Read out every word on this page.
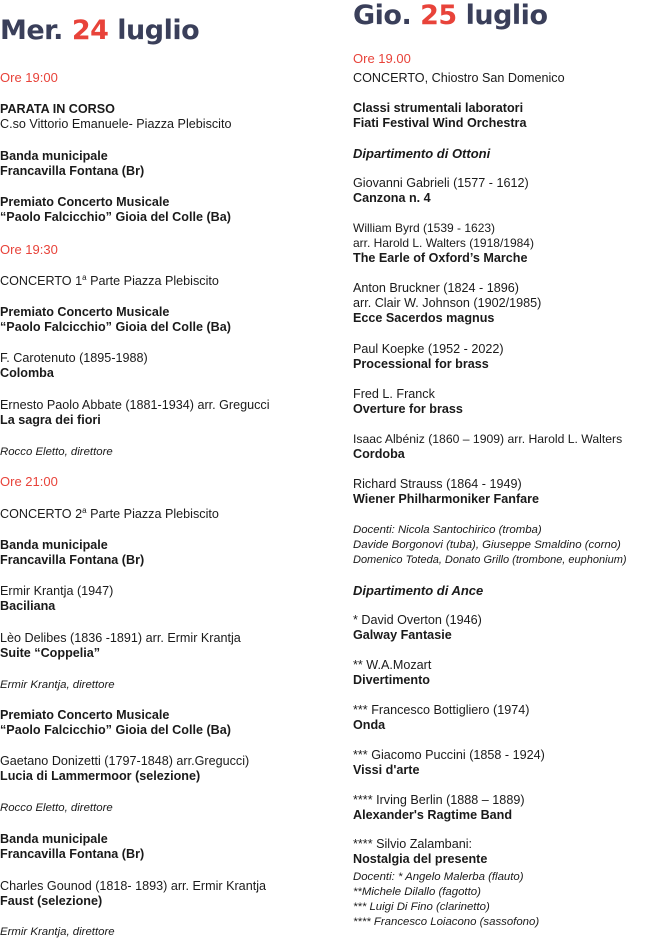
Mer. 24 luglio
Ore 19:00
PARATA IN CORSO
C.so Vittorio Emanuele- Piazza Plebiscito
Banda municipale
Francavilla Fontana (Br)
Premiato Concerto Musicale
“Paolo Falcicchio” Gioia del Colle (Ba)
Ore 19:30
CONCERTO 1$^a$ Parte Piazza Plebiscito
Premiato Concerto Musicale
“Paolo Falcicchio” Gioia del Colle (Ba)
F. Carotenuto (1895-1988)
Colomba
Ernesto Paolo Abbate (1881-1934) arr. Gregucci
La sagra dei fiori
Rocco Eletto, direttore
Ore 21:00
CONCERTO 2$^a$ Parte Piazza Plebiscito
Banda municipale
Francavilla Fontana (Br)
Ermir Krantja (1947)
Baciliana
Lèo Delibes (1836 -1891) arr. Ermir Krantja
Suite “Coppelia”
Ermir Krantja, direttore
Premiato Concerto Musicale
“Paolo Falcicchio” Gioia del Colle (Ba)
Gaetano Donizetti (1797-1848) arr.Gregucci)
Lucia di Lammermoor (selezione)
Rocco Eletto, direttore
Banda municipale
Francavilla Fontana (Br)
Charles Gounod (1818- 1893) arr. Ermir Krantja
Faust (selezione)
Ermir Krantja, direttore
Gio. 25 luglio
Ore 19.00
CONCERTO, Chiostro San Domenico
Classi strumentali laboratori
Fiati Festival Wind Orchestra
Dipartimento di Ottoni
Giovanni Gabrieli (1577 - 1612)
Canzona n. 4
William Byrd (1539 - 1623)
arr. Harold L. Walters (1918/1984)
The Earle of Oxford’s Marche
Anton Bruckner (1824 - 1896)
arr. Clair W. Johnson (1902/1985)
Ecce Sacerdos magnus
Paul Koepke (1952 - 2022)
Processional for brass
Fred L. Franck
Overture for brass
Isaac Albéniz (1860 – 1909) arr. Harold L. Walters
Cordoba
Richard Strauss (1864 - 1949)
Wiener Philharmoniker Fanfare
Docenti: Nicola Santochirico (tromba)
Davide Borgonovi (tuba), Giuseppe Smaldino (corno)
Domenico Toteda, Donato Grillo (trombone, euphonium)
Dipartimento di Ance
* David Overton (1946)
Galway Fantasie
** W.A.Mozart
Divertimento
*** Francesco Bottigliero (1974)
Onda
*** Giacomo Puccini (1858 - 1924)
Vissi d'arte
**** Irving Berlin (1888 – 1889)
Alexander's Ragtime Band
**** Silvio Zalambani:
Nostalgia del presente
Docenti: * Angelo Malerba (flauto)
**Michele Dilallo (fagotto)
*** Luigi Di Fino (clarinetto)
**** Francesco Loiacono (sassofono)
